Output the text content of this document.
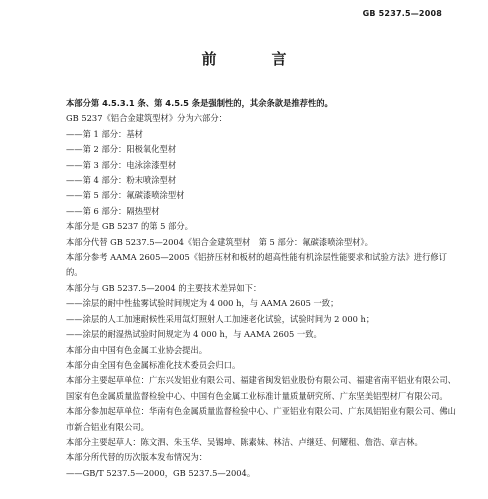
GB 5237.5—2008
前　言

本部分第 4.5.3.1 条、第 4.5.5 条是强制性的，其余条款是推荐性的。

GB 5237《铝合金建筑型材》分为六部分：

——第 1 部分：基材

——第 2 部分：阳极氧化型材

——第 3 部分：电泳涂漆型材

——第 4 部分：粉末喷涂型材

——第 5 部分：氟碳漆喷涂型材

——第 6 部分：隔热型材

本部分是 GB 5237 的第 5 部分。

本部分代替 GB 5237.5—2004《铝合金建筑型材　第 5 部分：氟碳漆喷涂型材》。

本部分参考 AAMA 2605—2005《铝挤压材和板材的超高性能有机涂层性能要求和试验方法》进行修订的。

本部分与 GB 5237.5—2004 的主要技术差异如下：

——涂层的耐中性盐雾试验时间规定为 4 000 h，与 AAMA 2605 一致；

——涂层的人工加速耐候性采用氙灯照射人工加速老化试验，试验时间为 2 000 h；

——涂层的耐湿热试验时间规定为 4 000 h，与 AAMA 2605 一致。

本部分由中国有色金属工业协会提出。

本部分由全国有色金属标准化技术委员会归口。

本部分主要起草单位：广东兴发铝业有限公司、福建省闽发铝业股份有限公司、福建省南平铝业有限公司、国家有色金属质量监督检验中心、中国有色金属工业标准计量质量研究所、广东坚美铝型材厂有限公司。

本部分参加起草单位：华南有色金属质量监督检验中心、广亚铝业有限公司、广东凤铝铝业有限公司、佛山市新合铝业有限公司。

本部分主要起草人：陈文泗、朱玉华、吴锡坤、陈素妹、林洁、卢继廷、何耀租、詹浩、章吉林。

本部分所代替的历次版本发布情况为：

——GB/T 5237.5—2000，GB 5237.5—2004。
